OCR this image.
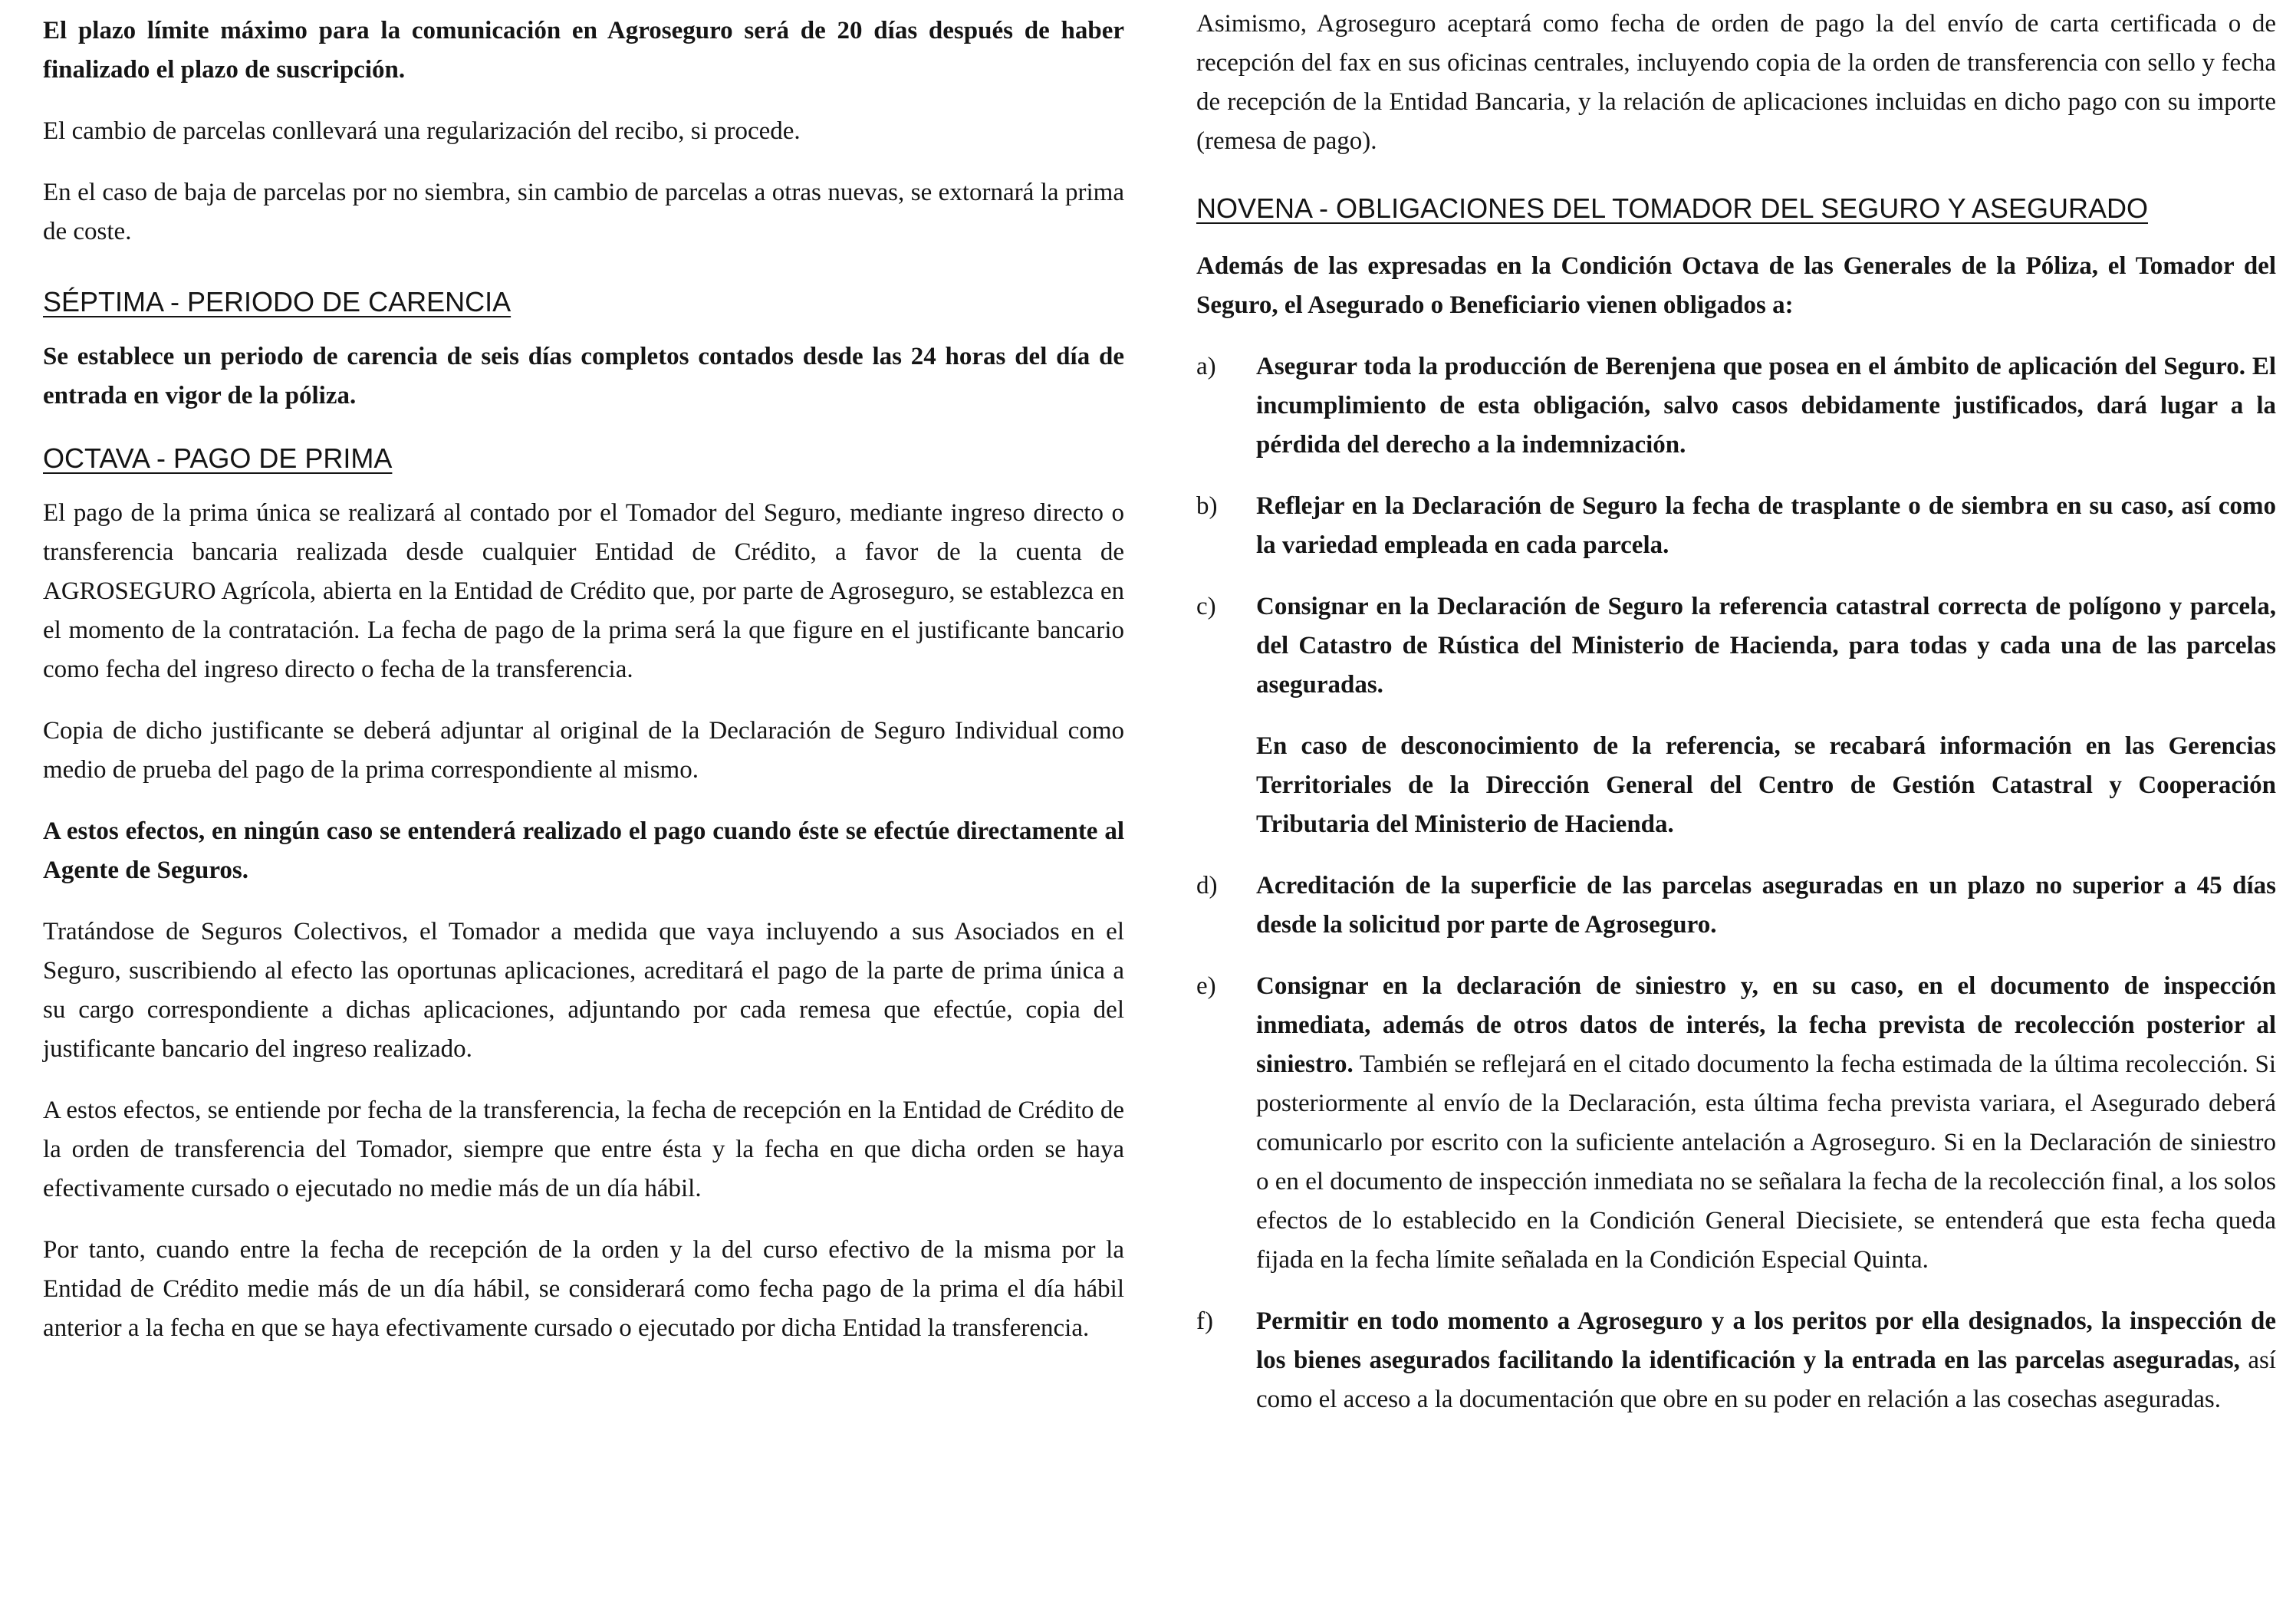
El plazo límite máximo para la comunicación en Agroseguro será de 20 días después de haber finalizado el plazo de suscripción.

El cambio de parcelas conllevará una regularización del recibo, si procede.

En el caso de baja de parcelas por no siembra, sin cambio de parcelas a otras nuevas, se extornará la prima de coste.

SÉPTIMA - PERIODO DE CARENCIA

Se establece un periodo de carencia de seis días completos contados desde las 24 horas del día de entrada en vigor de la póliza.

OCTAVA - PAGO DE PRIMA

El pago de la prima única se realizará al contado por el Tomador del Seguro, mediante ingreso directo o transferencia bancaria realizada desde cualquier Entidad de Crédito, a favor de la cuenta de AGROSEGURO Agrícola, abierta en la Entidad de Crédito que, por parte de Agroseguro, se establezca en el momento de la contratación. La fecha de pago de la prima será la que figure en el justificante bancario como fecha del ingreso directo o fecha de la transferencia.

Copia de dicho justificante se deberá adjuntar al original de la Declaración de Seguro Individual como medio de prueba del pago de la prima correspondiente al mismo.

A estos efectos, en ningún caso se entenderá realizado el pago cuando éste se efectúe directamente al Agente de Seguros.

Tratándose de Seguros Colectivos, el Tomador a medida que vaya incluyendo a sus Asociados en el Seguro, suscribiendo al efecto las oportunas aplicaciones, acreditará el pago de la parte de prima única a su cargo correspondiente a dichas aplicaciones, adjuntando por cada remesa que efectúe, copia del justificante bancario del ingreso realizado.

A estos efectos, se entiende por fecha de la transferencia, la fecha de recepción en la Entidad de Crédito de la orden de transferencia del Tomador, siempre que entre ésta y la fecha en que dicha orden se haya efectivamente cursado o ejecutado no medie más de un día hábil.

Por tanto, cuando entre la fecha de recepción de la orden y la del curso efectivo de la misma por la Entidad de Crédito medie más de un día hábil, se considerará como fecha pago de la prima el día hábil anterior a la fecha en que se haya efectivamente cursado o ejecutado por dicha Entidad la transferencia.

Asimismo, Agroseguro aceptará como fecha de orden de pago la del envío de carta certificada o de recepción del fax en sus oficinas centrales, incluyendo copia de la orden de transferencia con sello y fecha de recepción de la Entidad Bancaria, y la relación de aplicaciones incluidas en dicho pago con su importe (remesa de pago).

NOVENA - OBLIGACIONES DEL TOMADOR DEL SEGURO Y ASEGURADO

Además de las expresadas en la Condición Octava de las Generales de la Póliza, el Tomador del Seguro, el Asegurado o Beneficiario vienen obligados a:

a)	Asegurar toda la producción de Berenjena que posea en el ámbito de aplicación del Seguro. El incumplimiento de esta obligación, salvo casos debidamente justificados, dará lugar a la pérdida del derecho a la indemnización.

b)	Reflejar en la Declaración de Seguro la fecha de trasplante o de siembra en su caso, así como la variedad empleada en cada parcela.

c)	Consignar en la Declaración de Seguro la referencia catastral correcta de polígono y parcela, del Catastro de Rústica del Ministerio de Hacienda, para todas y cada una de las parcelas aseguradas.

En caso de desconocimiento de la referencia, se recabará información en las Gerencias Territoriales de la Dirección General del Centro de Gestión Catastral y Cooperación Tributaria del Ministerio de Hacienda.

d)	Acreditación de la superficie de las parcelas aseguradas en un plazo no superior a 45 días desde la solicitud por parte de Agroseguro.

e)	Consignar en la declaración de siniestro y, en su caso, en el documento de inspección inmediata, además de otros datos de interés, la fecha prevista de recolección posterior al siniestro. También se reflejará en el citado documento la fecha estimada de la última recolección. Si posteriormente al envío de la Declaración, esta última fecha prevista variara, el Asegurado deberá comunicarlo por escrito con la suficiente antelación a Agroseguro. Si en la Declaración de siniestro o en el documento de inspección inmediata no se señalara la fecha de la recolección final, a los solos efectos de lo establecido en la Condición General Diecisiete, se entenderá que esta fecha queda fijada en la fecha límite señalada en la Condición Especial Quinta.

f)	Permitir en todo momento a Agroseguro y a los peritos por ella designados, la inspección de los bienes asegurados facilitando la identificación y la entrada en las parcelas aseguradas, así como el acceso a la documentación que obre en su poder en relación a las cosechas aseguradas.
